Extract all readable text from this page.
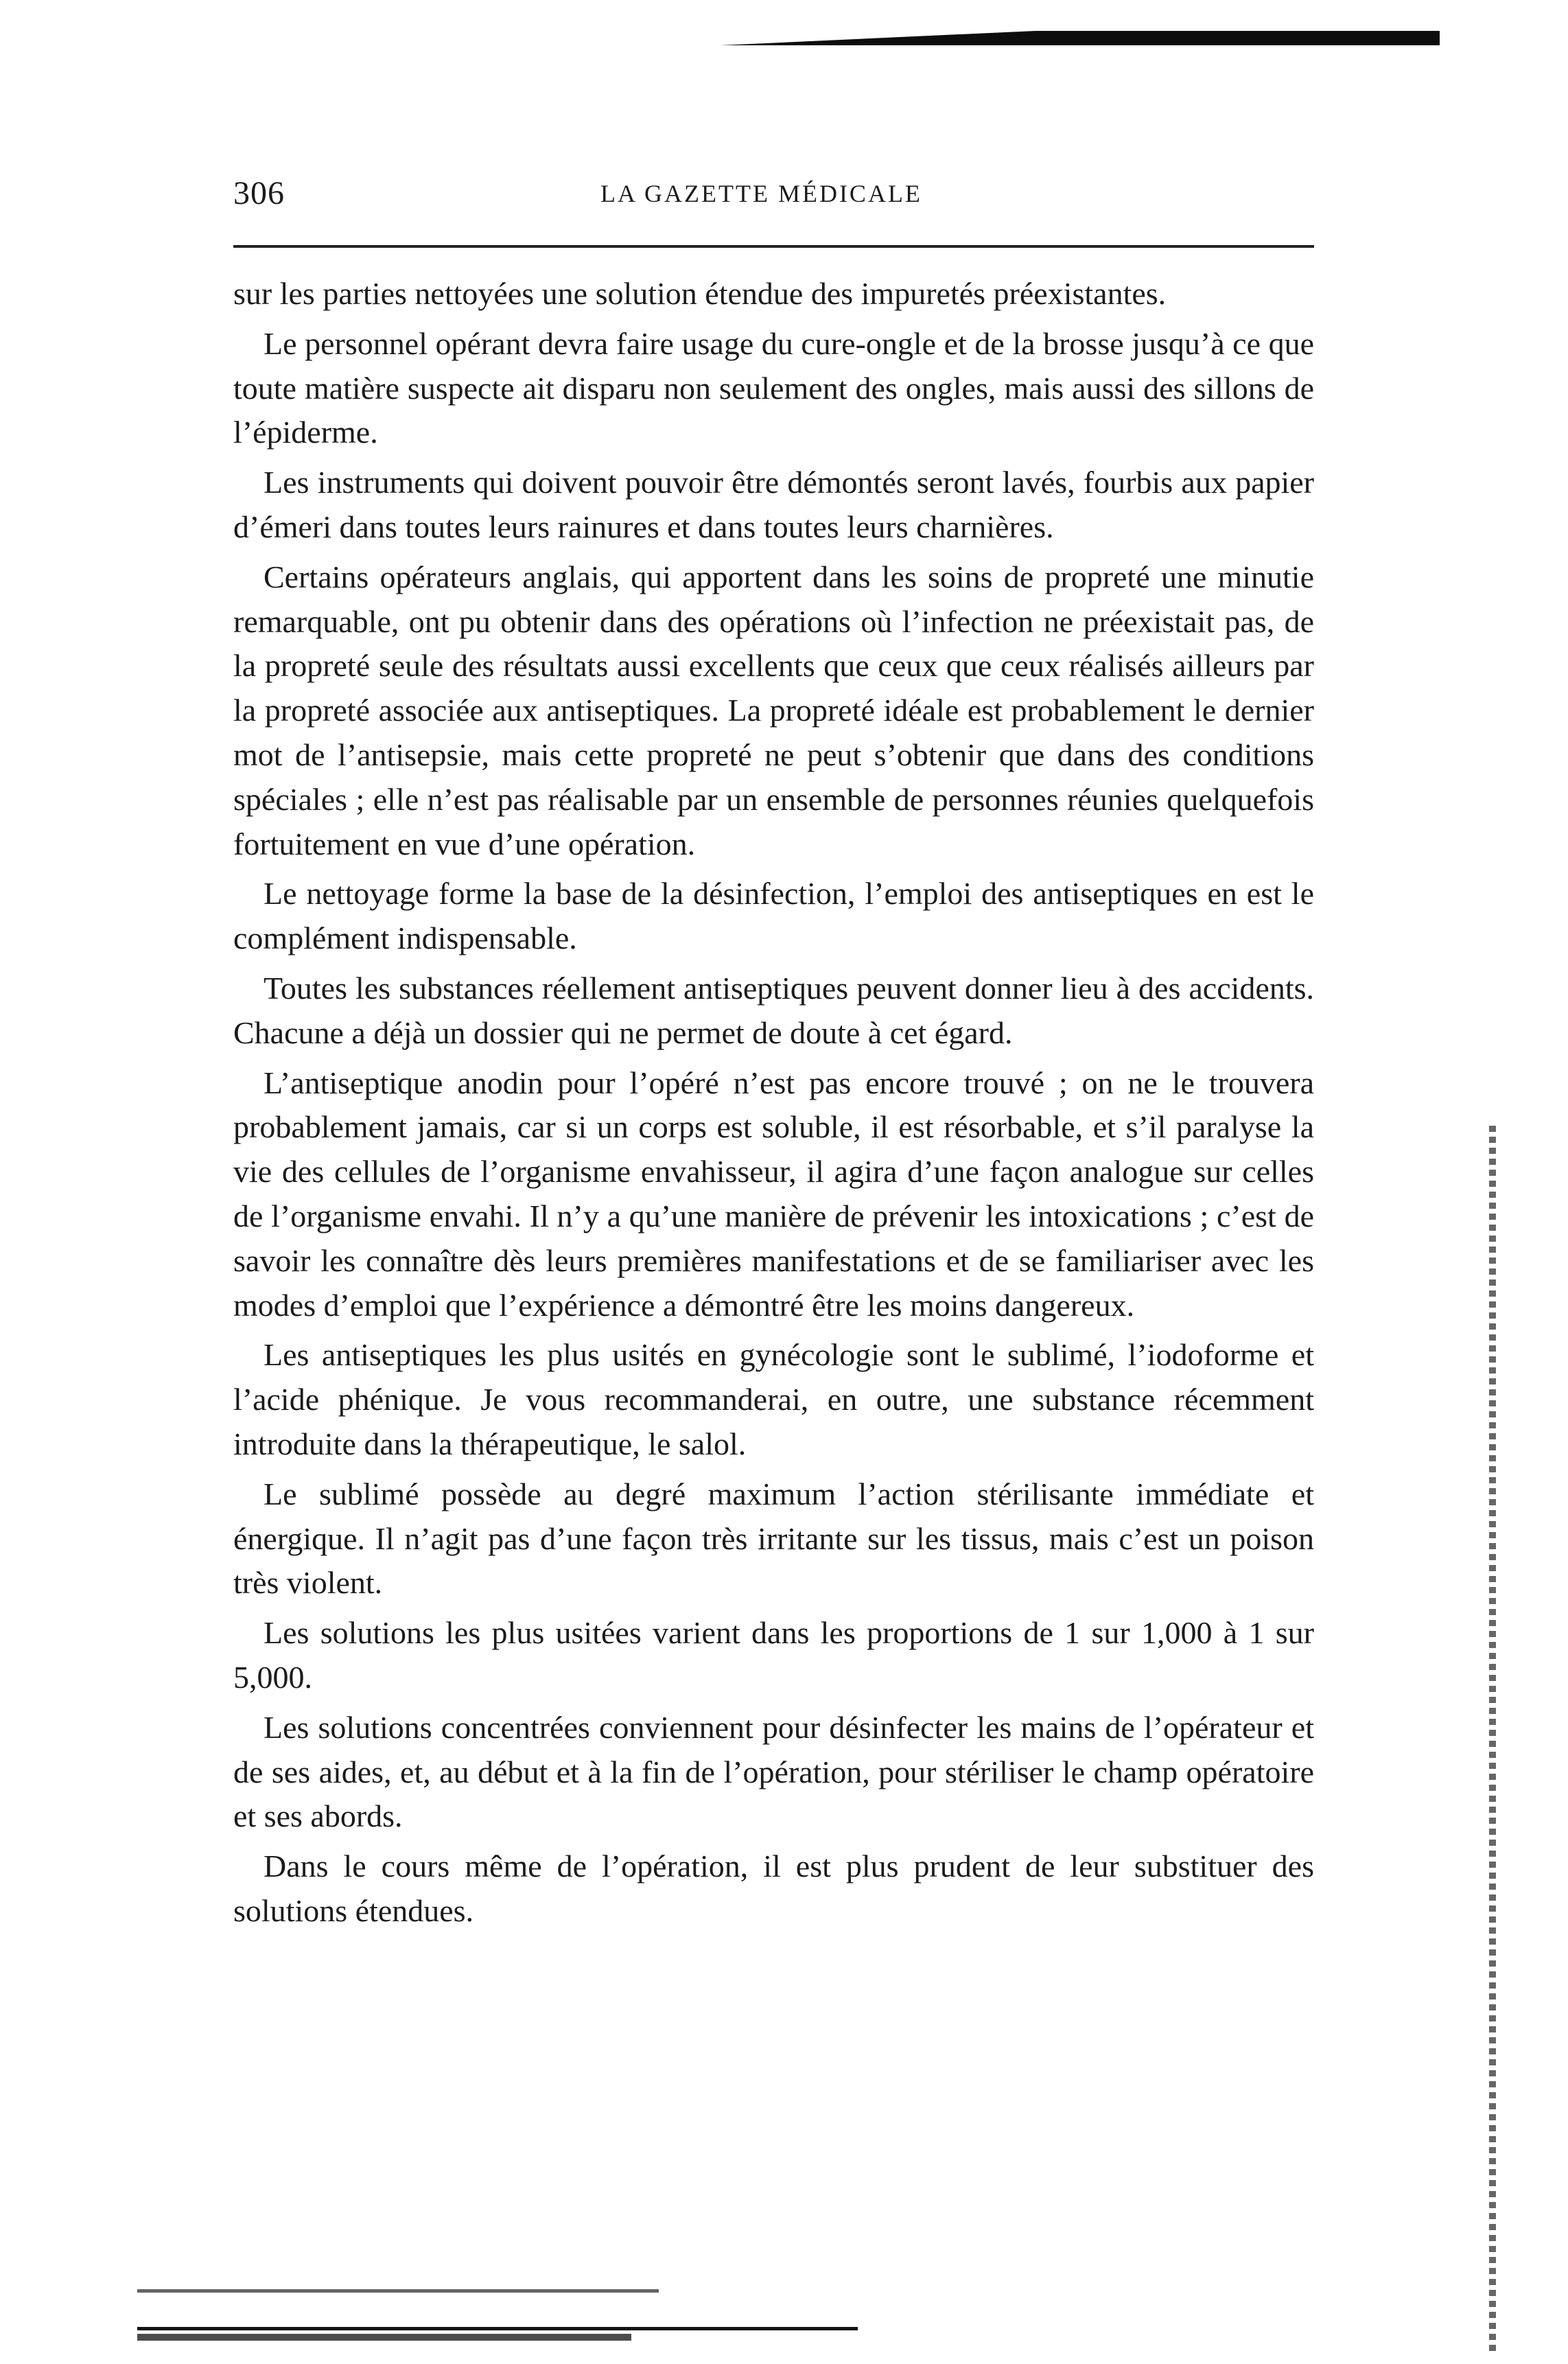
306	LA GAZETTE MÉDICALE

sur les parties nettoyées une solution étendue des impuretés préexistantes.

Le personnel opérant devra faire usage du cure-ongle et de la brosse jusqu’à ce que toute matière suspecte ait disparu non seulement des ongles, mais aussi des sillons de l’épiderme.

Les instruments qui doivent pouvoir être démontés seront lavés, fourbis aux papier d’émeri dans toutes leurs rainures et dans toutes leurs charnières.

Certains opérateurs anglais, qui apportent dans les soins de propreté une minutie remarquable, ont pu obtenir dans des opérations où l’infection ne préexistait pas, de la propreté seule des résultats aussi excellents que ceux que ceux réalisés ailleurs par la propreté associée aux antiseptiques. La propreté idéale est probablement le dernier mot de l’antisepsie, mais cette propreté ne peut s’obtenir que dans des conditions spéciales ; elle n’est pas réalisable par un ensemble de personnes réunies quelquefois fortuitement en vue d’une opération.

Le nettoyage forme la base de la désinfection, l’emploi des antiseptiques en est le complément indispensable.

Toutes les substances réellement antiseptiques peuvent donner lieu à des accidents. Chacune a déjà un dossier qui ne permet de doute à cet égard.

L’antiseptique anodin pour l’opéré n’est pas encore trouvé ; on ne le trouvera probablement jamais, car si un corps est soluble, il est résorbable, et s’il paralyse la vie des cellules de l’organisme envahisseur, il agira d’une façon analogue sur celles de l’organisme envahi. Il n’y a qu’une manière de prévenir les intoxications ; c’est de savoir les connaître dès leurs premières manifestations et de se familiariser avec les modes d’emploi que l’expérience a démontré être les moins dangereux.

Les antiseptiques les plus usités en gynécologie sont le sublimé, l’iodoforme et l’acide phénique. Je vous recommanderai, en outre, une substance récemment introduite dans la thérapeutique, le salol.

Le sublimé possède au degré maximum l’action stérilisante immédiate et énergique. Il n’agit pas d’une façon très irritante sur les tissus, mais c’est un poison très violent.

Les solutions les plus usitées varient dans les proportions de 1 sur 1,000 à 1 sur 5,000.

Les solutions concentrées conviennent pour désinfecter les mains de l’opérateur et de ses aides, et, au début et à la fin de l’opération, pour stériliser le champ opératoire et ses abords.

Dans le cours même de l’opération, il est plus prudent de leur substituer des solutions étendues.
